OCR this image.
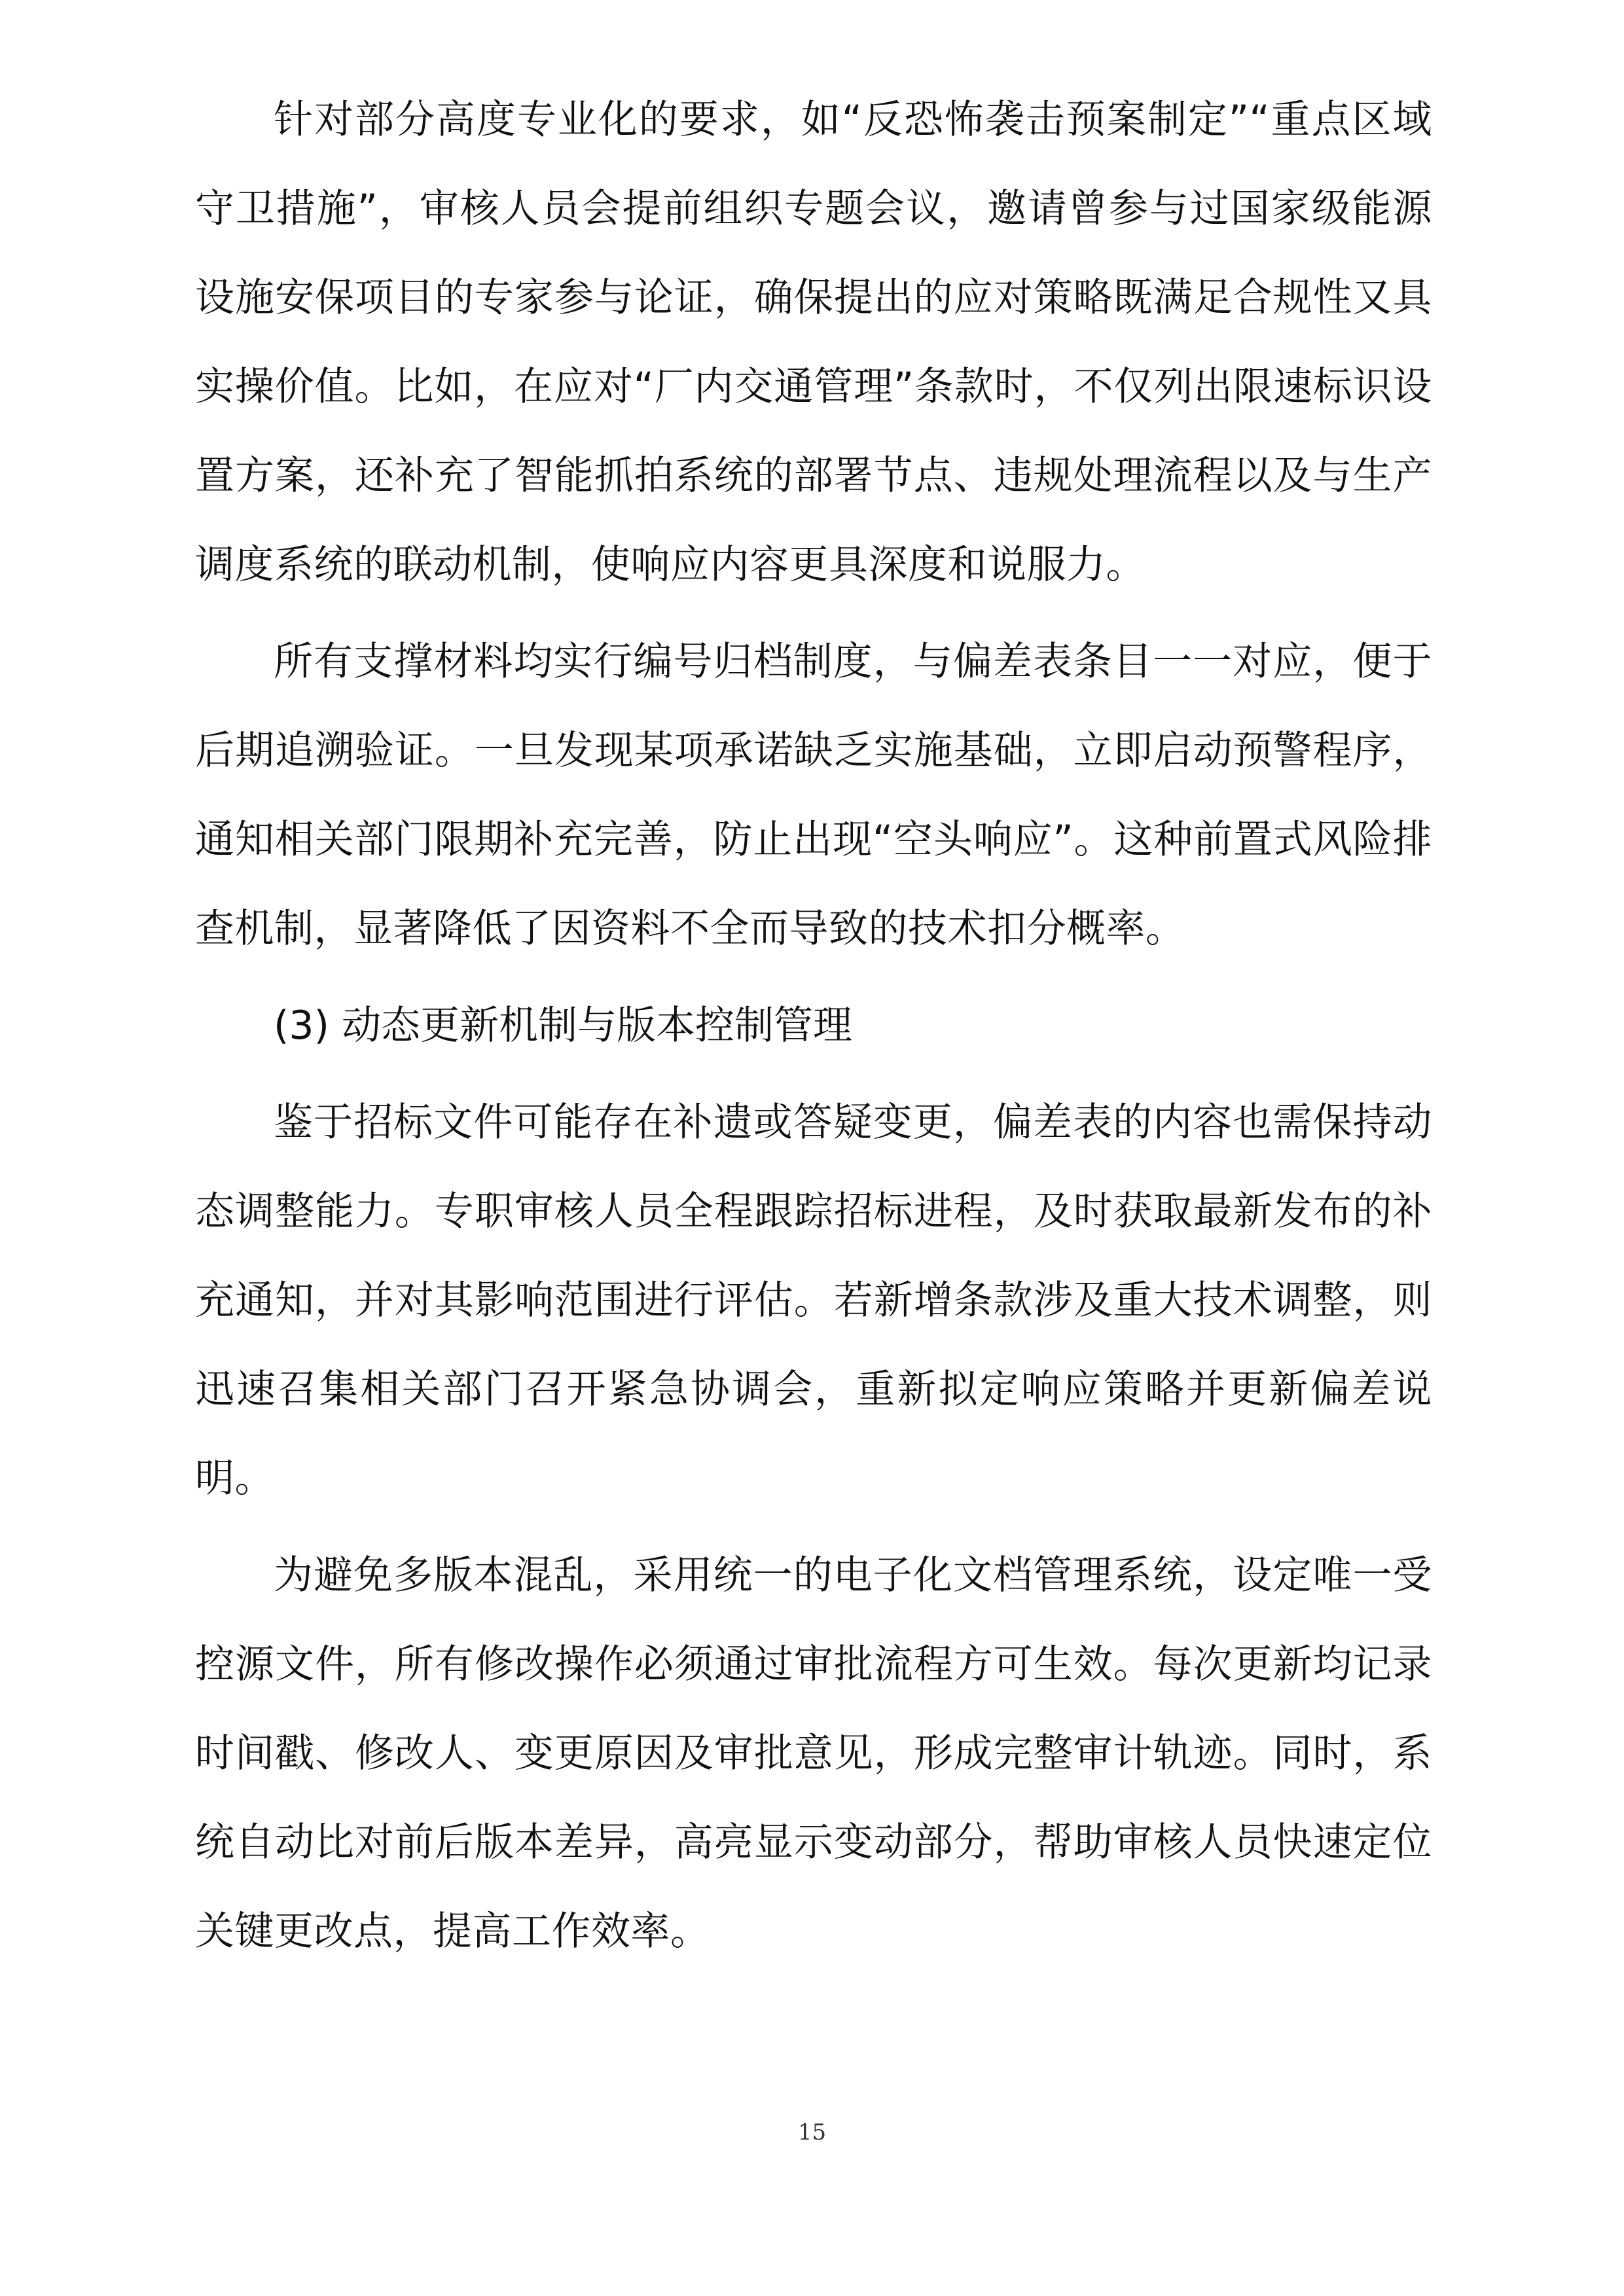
针对部分高度专业化的要求，如“反恐怖袭击预案制定”“重点区域守卫措施”，审核人员会提前组织专题会议，邀请曾参与过国家级能源设施安保项目的专家参与论证，确保提出的应对策略既满足合规性又具实操价值。比如，在应对“厂内交通管理”条款时，不仅列出限速标识设置方案，还补充了智能抓拍系统的部署节点、违规处理流程以及与生产调度系统的联动机制，使响应内容更具深度和说服力。

所有支撑材料均实行编号归档制度，与偏差表条目一一对应，便于后期追溯验证。一旦发现某项承诺缺乏实施基础，立即启动预警程序，通知相关部门限期补充完善，防止出现“空头响应”。这种前置式风险排查机制，显著降低了因资料不全而导致的技术扣分概率。

(3) 动态更新机制与版本控制管理

鉴于招标文件可能存在补遗或答疑变更，偏差表的内容也需保持动态调整能力。专职审核人员全程跟踪招标进程，及时获取最新发布的补充通知，并对其影响范围进行评估。若新增条款涉及重大技术调整，则迅速召集相关部门召开紧急协调会，重新拟定响应策略并更新偏差说明。

为避免多版本混乱，采用统一的电子化文档管理系统，设定唯一受控源文件，所有修改操作必须通过审批流程方可生效。每次更新均记录时间戳、修改人、变更原因及审批意见，形成完整审计轨迹。同时，系统自动比对前后版本差异，高亮显示变动部分，帮助审核人员快速定位关键更改点，提高工作效率。

15
